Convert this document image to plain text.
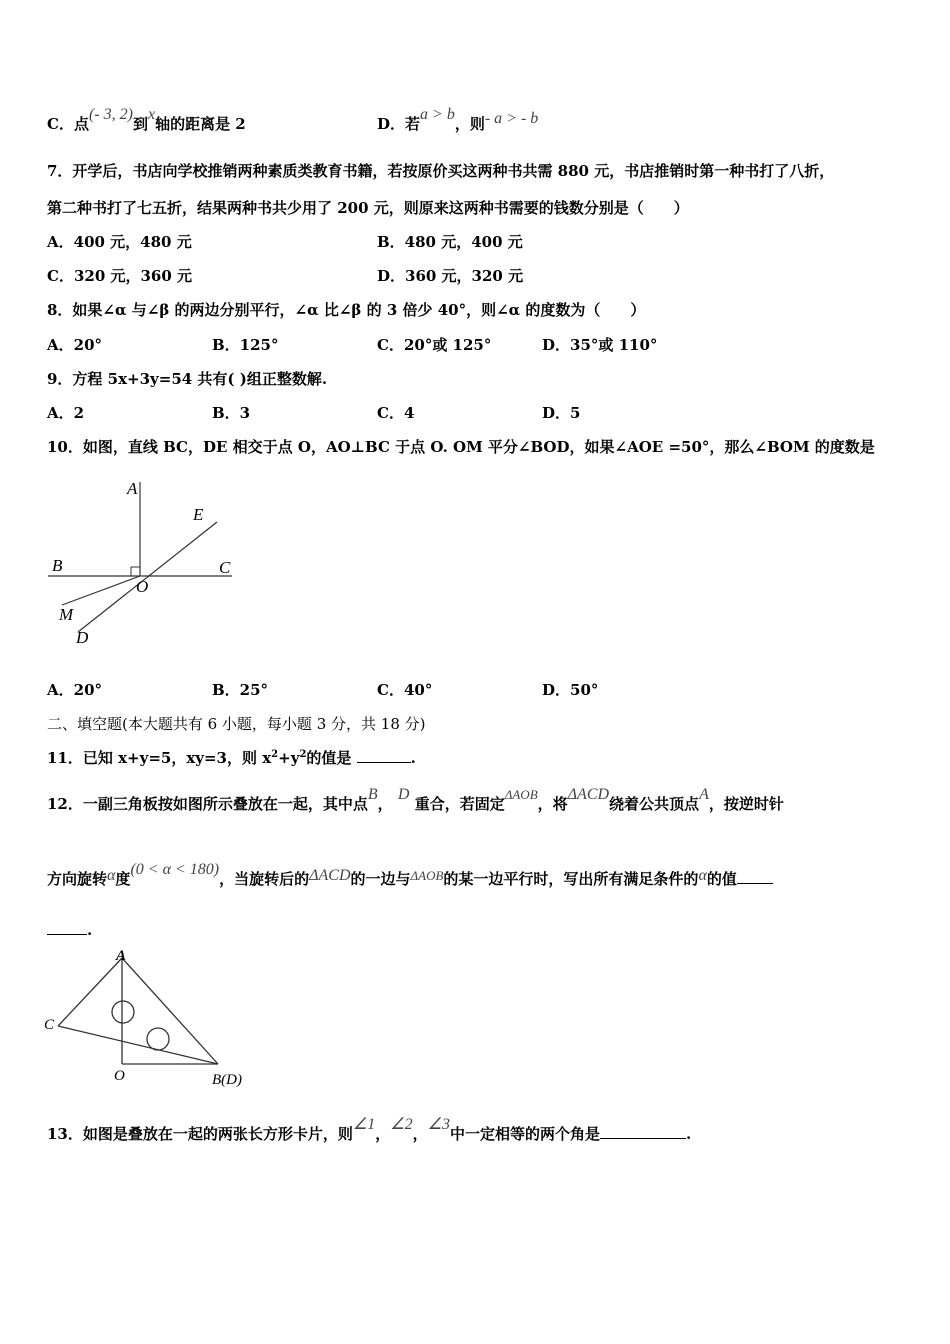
C．点(- 3, 2)到x轴的距离是 2	D．若a > b，则- a > - b
7．开学后，书店向学校推销两种素质类教育书籍，若按原价买这两种书共需 880 元，书店推销时第一种书打了八折，
第二种书打了七五折，结果两种书共少用了 200 元，则原来这两种书需要的钱数分别是（　　）
A．400 元，480 元	B．480 元，400 元
C．320 元，360 元	D．360 元，320 元
8．如果∠α 与∠β 的两边分别平行，∠α 比∠β 的 3 倍少 40°，则∠α 的度数为（　　）
A．20°	B．125°	C．20°或 125°	D．35°或 110°
9．方程 5x+3y=54 共有( )组正整数解.
A．2	B．3	C．4	D．5
10．如图，直线 BC，DE 相交于点 O，AO⊥BC 于点 O. OM 平分∠BOD，如果∠AOE =50°，那么∠BOM 的度数是
A
E
B	C
O
M
D
A．20°	B．25°	C．40°	D．50°
二、填空题(本大题共有 6 小题，每小题 3 分，共 18 分)
11．已知 x+y=5，xy=3，则 $x^2+y^2$的值是	.
12．一副三角板按如图所示叠放在一起，其中点B， D 重合，若固定ΔAOB，将ΔACD绕着公共顶点A，按逆时针
方向旋转α度(0 < α < 180)，当旋转后的ΔACD的一边与ΔAOB的某一边平行时，写出所有满足条件的α的值
.
A
C
O	B(D)
13．如图是叠放在一起的两张长方形卡片，则∠1，∠2，∠3中一定相等的两个角是	.
